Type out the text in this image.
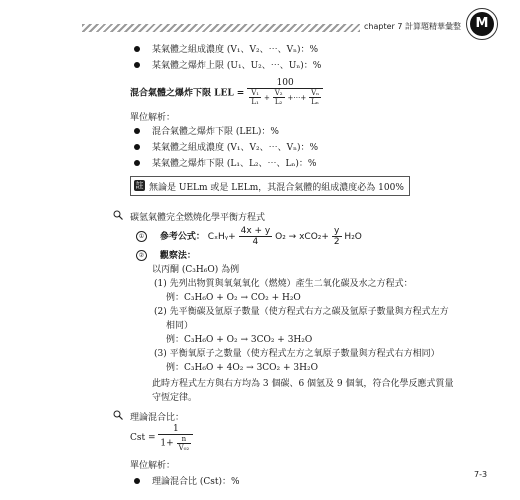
chapter 7 計算題精華彙整	M
某氣體之組成濃度 (V₁、V₂、⋯、Vₙ)：%
某氣體之爆炸上限 (U₁、U₂、⋯、Uₙ)：%
混合氣體之爆炸下限 LEL = $\frac{100}{\frac{\text{V₁}}{\text{L₁}} + \frac{\text{V₂}}{\text{L₂}} +\cdots+ \frac{\text{Vₙ}}{\text{Lₙ}}}$
單位解析：
混合氣體之爆炸下限 (LEL)：%
某氣體之組成濃度 (V₁、V₂、⋯、Vₙ)：%
某氣體之爆炸下限 (L₁、L₂、⋯、Lₙ)：%
註 無論是 UELm 或是 LELm，其混合氣體的組成濃度必為 100%
碳氫氣體完全燃燒化學平衡方程式
① 參考公式： CₓHᵧ+ $\frac{4x + y}{4} O_2 \to xCO_2+ \frac{y}{2} H_2O$
② 觀察法：
以丙酮 (C₃H₆O) 為例
(1) 先列出物質與氧氣氧化（燃燒）產生二氧化碳及水之方程式：
例：C₃H₆O + O₂ → CO₂ + H₂O
(2) 先平衡碳及氫原子數量（使方程式右方之碳及氫原子數量與方程式左方
相同）
例：C₃H₆O + O₂ → 3CO₂ + 3H₂O
(3) 平衡氧原子之數量（使方程式左方之氧原子數量與方程式右方相同）
例：C₃H₆O + 4O₂ → 3CO₂ + 3H₂O
此時方程式左方與右方均為 3 個碳、6 個氫及 9 個氧，符合化學反應式質量
守恆定律。
理論混合比：
Cst = $\frac{1}{1+ \frac{n}{\text{V₀₂}}}$
單位解析：
理論混合比 (Cst)：%
7-3
